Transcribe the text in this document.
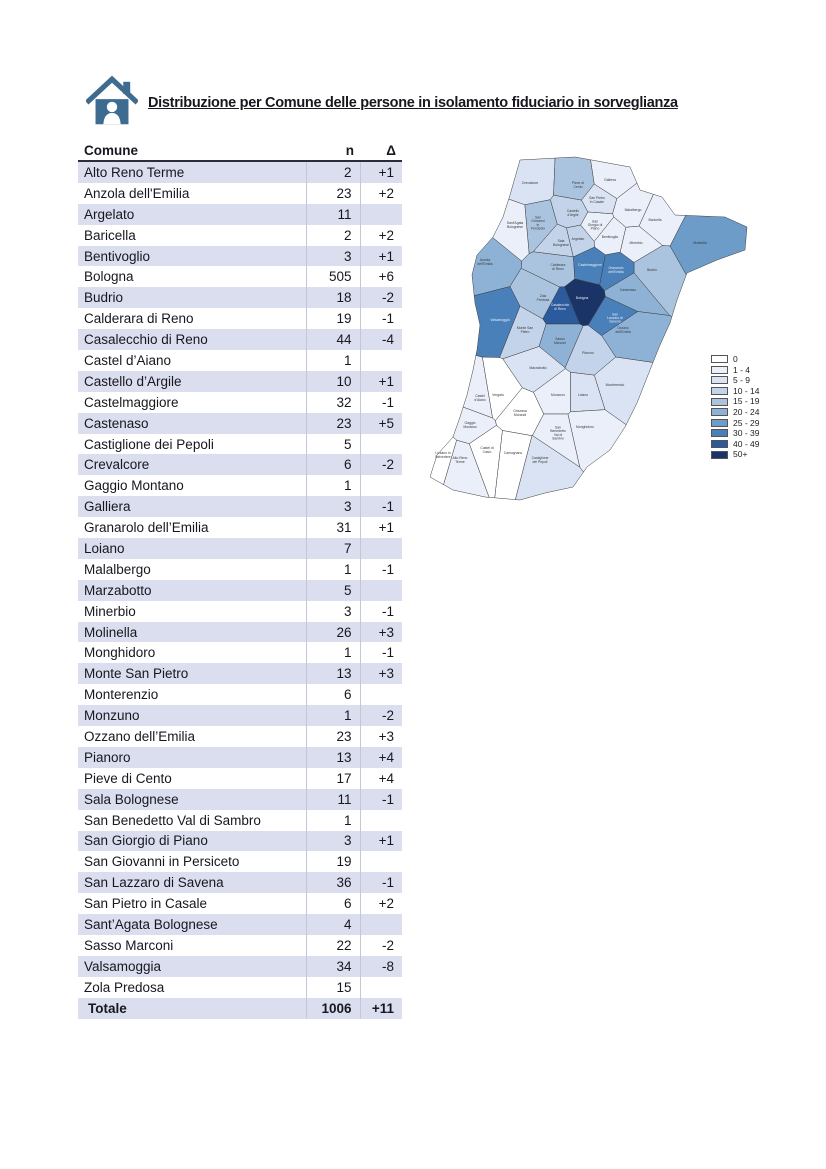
Distribuzione per Comune delle persone in isolamento fiduciario in sorveglianza
Comune	n	Δ
Alto Reno Terme	2	+1
Anzola dell'Emilia	23	+2
Argelato	11	
Baricella	2	+2
Bentivoglio	3	+1
Bologna	505	+6
Budrio	18	-2
Calderara di Reno	19	-1
Casalecchio di Reno	44	-4
Castel d’Aiano	1	
Castello d’Argile	10	+1
Castelmaggiore	32	-1
Castenaso	23	+5
Castiglione dei Pepoli	5	
Crevalcore	6	-2
Gaggio Montano	1	
Galliera	3	-1
Granarolo dell’Emilia	31	+1
Loiano	7	
Malalbergo	1	-1
Marzabotto	5	
Minerbio	3	-1
Molinella	26	+3
Monghidoro	1	-1
Monte San Pietro	13	+3
Monterenzio	6	
Monzuno	1	-2
Ozzano dell’Emilia	23	+3
Pianoro	13	+4
Pieve di Cento	17	+4
Sala Bolognese	11	-1
San Benedetto Val di Sambro	1	
San Giorgio di Piano	3	+1
San Giovanni in Persiceto	19	
San Lazzaro di Savena	36	-1
San Pietro in Casale	6	+2
Sant’Agata Bolognese	4	
Sasso Marconi	22	-2
Valsamoggia	34	-8
Zola Predosa	15	
Totale	1006	+11
Alto Reno Terme
Anzola dell'Emilia
Argelato
Baricella
Bentivoglio
Bologna
Budrio
Calderara di Reno
Casalecchio di Reno
Castel d’Aiano
Castello d’Argile
Castelmaggiore
Castenaso
Castiglione dei Pepoli
Crevalcore
Gaggio Montano
Galliera
Granarolo dell’Emilia
Loiano
Malalbergo
Marzabotto
Minerbio	Molinella
Monghidoro
Monte San Pietro
Monterenzio
Monzuno
Ozzano dell’Emilia
Pianoro
Pieve di Cento
Sala Bolognese
San Benedetto Val di Sambro
San Giorgio di Piano
San Giovanni in Persiceto
San Lazzaro di Savena
San Pietro in Casale
Sant’Agata Bolognese
Sasso Marconi
Valsamoggia
Zola Predosa
Vergato
Grizzana Morandi
Camugnano
Castel di Casio
Lizzano in Belvedere
0
1 - 4
5 - 9
10 - 14
15 - 19
20 - 24
25 - 29
30 - 39
40 - 49
50+
